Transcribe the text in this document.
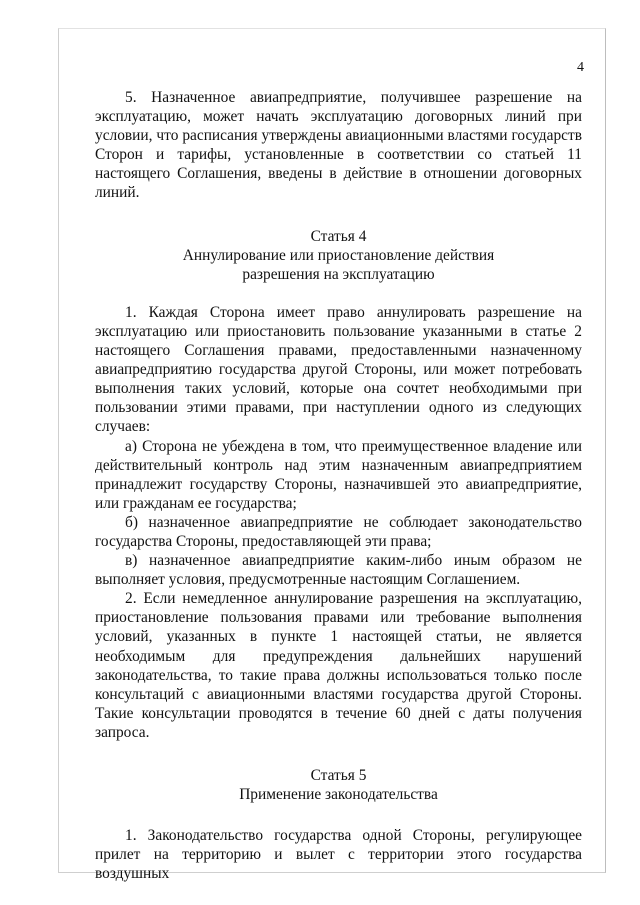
4

5. Назначенное авиапредприятие, получившее разрешение на эксплуатацию, может начать эксплуатацию договорных линий при условии, что расписания утверждены авиационными властями государств Сторон и тарифы, установленные в соответствии со статьей 11 настоящего Соглашения, введены в действие в отношении договорных линий.

Статья 4
Аннулирование или приостановление действия
разрешения на эксплуатацию

1. Каждая Сторона имеет право аннулировать разрешение на эксплуатацию или приостановить пользование указанными в статье 2 настоящего Соглашения правами, предоставленными назначенному авиапредприятию государства другой Стороны, или может потребовать выполнения таких условий, которые она сочтет необходимыми при пользовании этими правами, при наступлении одного из следующих случаев:

а) Сторона не убеждена в том, что преимущественное владение или действительный контроль над этим назначенным авиапредприятием принадлежит государству Стороны, назначившей это авиапредприятие, или гражданам ее государства;

б) назначенное авиапредприятие не соблюдает законодательство государства Стороны, предоставляющей эти права;

в) назначенное авиапредприятие каким-либо иным образом не выполняет условия, предусмотренные настоящим Соглашением.

2. Если немедленное аннулирование разрешения на эксплуатацию, приостановление пользования правами или требование выполнения условий, указанных в пункте 1 настоящей статьи, не является необходимым для предупреждения дальнейших нарушений законодательства, то такие права должны использоваться только после консультаций с авиационными властями государства другой Стороны. Такие консультации проводятся в течение 60 дней с даты получения запроса.

Статья 5
Применение законодательства

1. Законодательство государства одной Стороны, регулирующее прилет на территорию и вылет с территории этого государства воздушных
